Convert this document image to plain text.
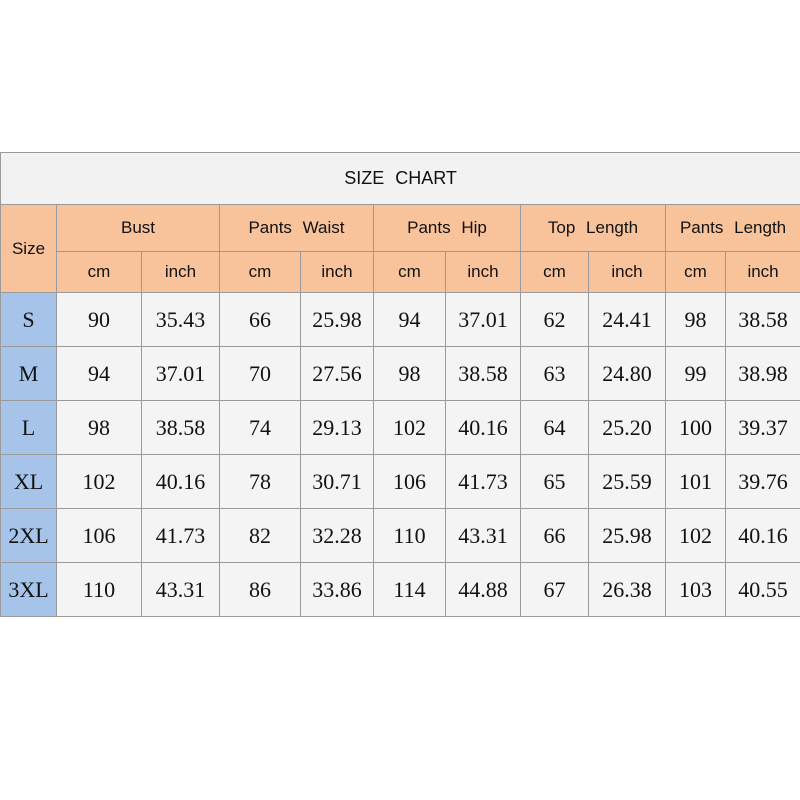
SIZE CHART										
Size	Bust		Pants Waist		Pants Hip		Top Length		Pants Length	
	cm	inch	cm	inch	cm	inch	cm	inch	cm	inch
S	90	35.43	66	25.98	94	37.01	62	24.41	98	38.58
M	94	37.01	70	27.56	98	38.58	63	24.80	99	38.98
L	98	38.58	74	29.13	102	40.16	64	25.20	100	39.37
XL	102	40.16	78	30.71	106	41.73	65	25.59	101	39.76
2XL	106	41.73	82	32.28	110	43.31	66	25.98	102	40.16
3XL	110	43.31	86	33.86	114	44.88	67	26.38	103	40.55
